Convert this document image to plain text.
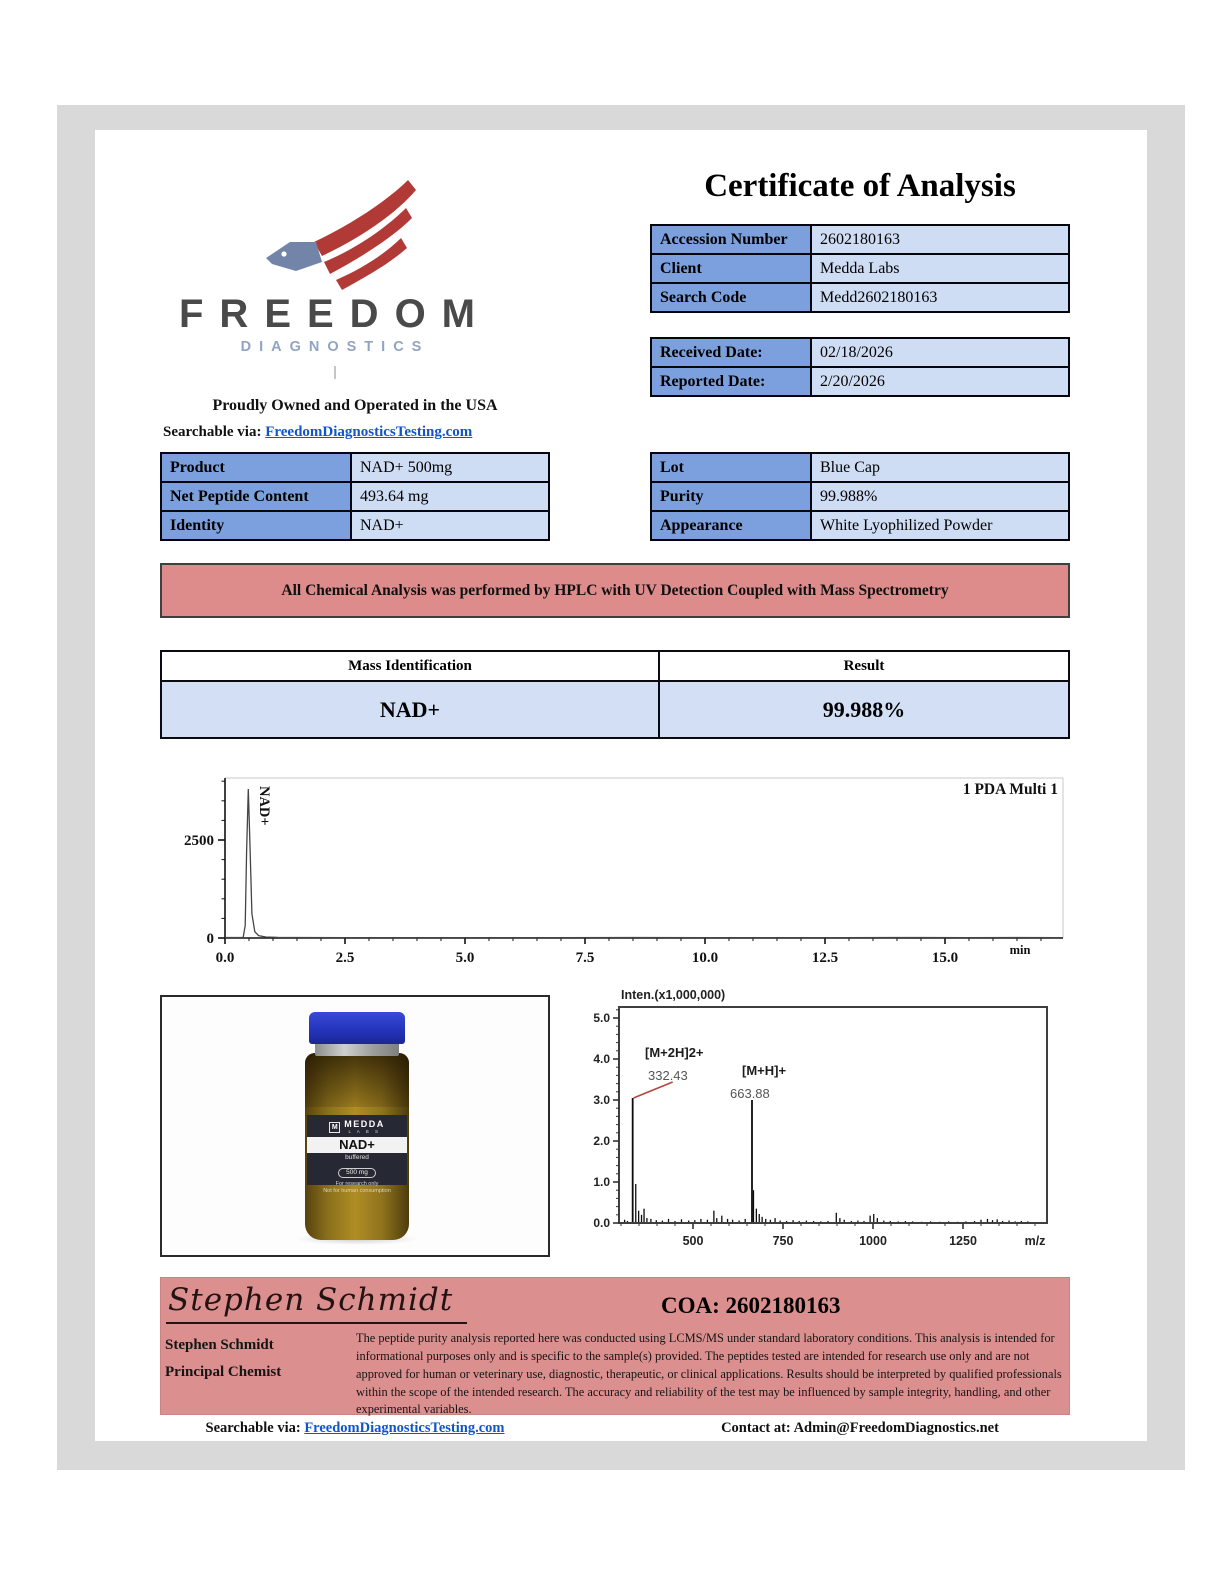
FREEDOM
DIAGNOSTICS
Proudly Owned and Operated in the USA
Searchable via: FreedomDiagnosticsTesting.com
Certificate of Analysis
Accession Number	2602180163
Client	Medda Labs
Search Code	Medd2602180163
Received Date:	02/18/2026
Reported Date:	2/20/2026
Product	NAD+ 500mg
Net Peptide Content	493.64 mg
Identity	NAD+
Lot	Blue Cap
Purity	99.988%
Appearance	White Lyophilized Powder
All Chemical Analysis was performed by HPLC with UV Detection Coupled with Mass Spectrometry
Mass Identification	Result
NAD+	99.988%
0
2500
0.0	2.5	5.0	7.5	10.0	12.5	15.0	min
1 PDA Multi 1
NAD+
M MEDDA
L A B S
NAD+
buffered
500 mg
For research only
Not for human consumption
0.0
1.0
2.0
3.0
4.0
5.0
500	750	1000	1250	m/z
Inten.(x1,000,000)
[M+2H]2+
332.43	[M+H]+
663.88
Stephen Schmidt	COA: 2602180163
Stephen Schmidt
Principal Chemist
The peptide purity analysis reported here was conducted using LCMS/MS under standard laboratory conditions. This analysis is intended for informational purposes only and is specific to the sample(s) provided. The peptides tested are intended for research use only and are not approved for human or veterinary use, diagnostic, therapeutic, or clinical applications. Results should be interpreted by qualified professionals within the scope of the intended research. The accuracy and reliability of the test may be influenced by sample integrity, handling, and other experimental variables.
Searchable via: FreedomDiagnosticsTesting.com	Contact at: Admin@FreedomDiagnostics.net
